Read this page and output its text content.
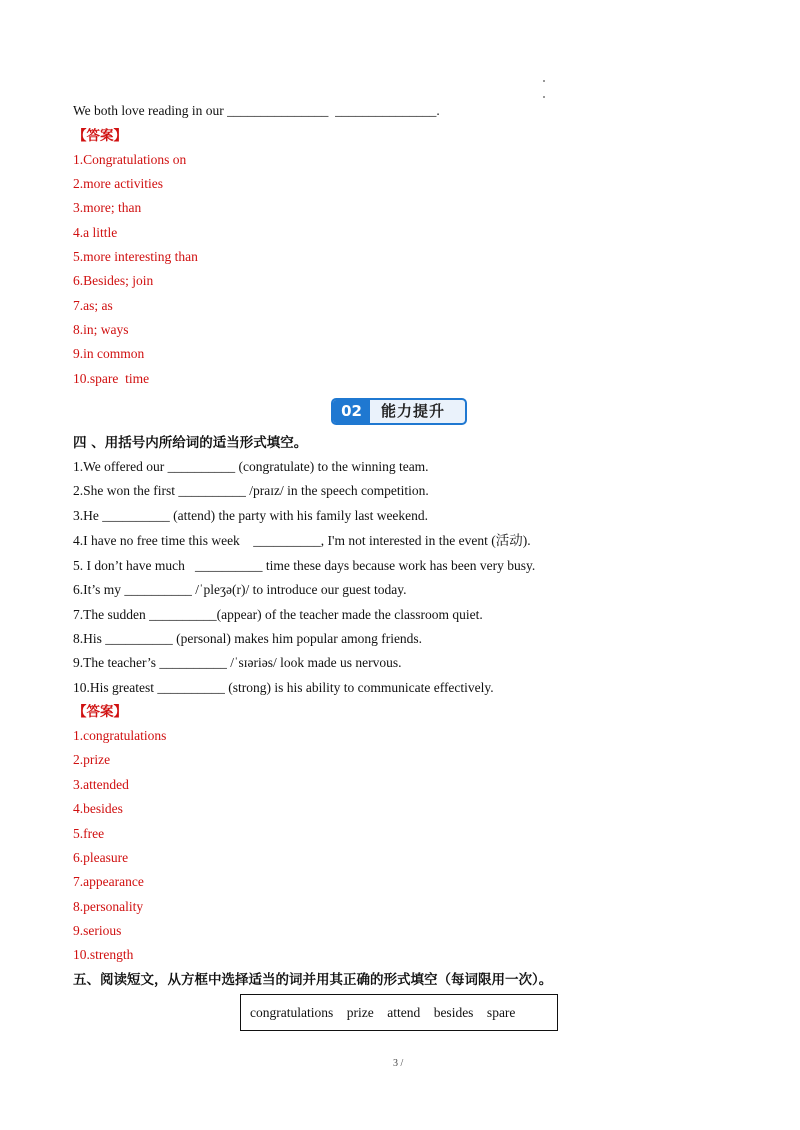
We both love reading in our _______________  _______________.
【答案】
1.Congratulations on
2.more activities
3.more; than
4.a little
5.more interesting than
6.Besides; join
7.as; as
8.in; ways
9.in common
10.spare  time
02	能力提升
四 、用括号内所给词的适当形式填空。
1.We offered our __________ (congratulate) to the winning team.
2.She won the first __________ /praɪz/ in the speech competition.
3.He __________ (attend) the party with his family last weekend.
4.I have no free time this week    __________, I'm not interested in the event (活动).
5. I don’t have much   __________ time these days because work has been very busy.
6.It’s my __________ /ˈpleʒə(r)/ to introduce our guest today.
7.The sudden __________(appear) of the teacher made the classroom quiet.
8.His __________ (personal) makes him popular among friends.
9.The teacher’s __________ /ˈsɪəriəs/ look made us nervous.
10.His greatest __________ (strong) is his ability to communicate effectively.
【答案】
1.congratulations
2.prize
3.attended
4.besides
5.free
6.pleasure
7.appearance
8.personality
9.serious
10.strength
五、阅读短文，从方框中选择适当的词并用其正确的形式填空（每词限用一次）。
congratulations    prize    attend    besides    spare
3 /
